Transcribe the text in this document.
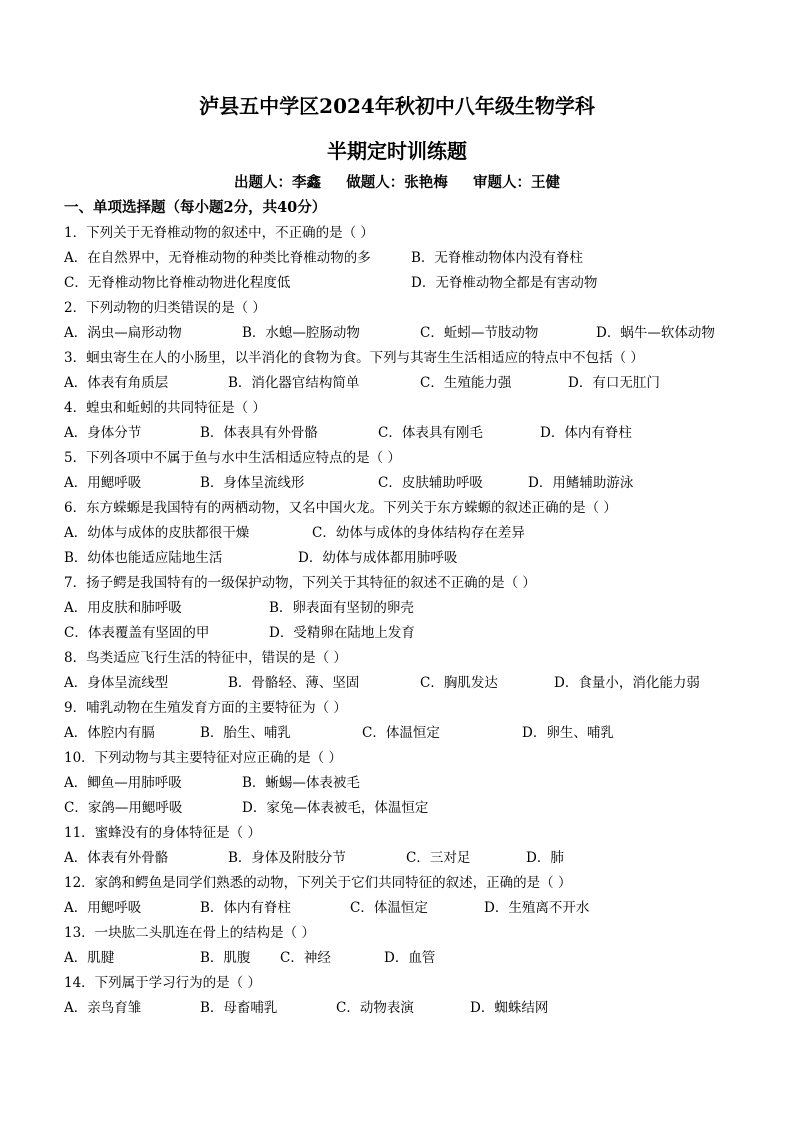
泸县五中学区2024年秋初中八年级生物学科
半期定时训练题
出题人：李鑫     做题人：张艳梅     审题人：王健
一、单项选择题（每小题2分，共40分）
1．下列关于无脊椎动物的叙述中，不正确的是（ ）
A．在自然界中，无脊椎动物的种类比脊椎动物的多	B．无脊椎动物体内没有脊柱
C．无脊椎动物比脊椎动物进化程度低	D．无脊椎动物全都是有害动物
2．下列动物的归类错误的是（ ）
A．涡虫—扁形动物	B．水螅—腔肠动物	C．蚯蚓—节肢动物	D．蜗牛—软体动物
3．蛔虫寄生在人的小肠里，以半消化的食物为食。下列与其寄生生活相适应的特点中不包括（ ）
A．体表有角质层	B．消化器官结构简单	C．生殖能力强	D．有口无肛门
4．蝗虫和蚯蚓的共同特征是（ ）
A．身体分节	B．体表具有外骨骼	C．体表具有刚毛	D．体内有脊柱
5．下列各项中不属于鱼与水中生活相适应特点的是（ ）
A．用鳃呼吸	B．身体呈流线形	C．皮肤辅助呼吸	D．用鳍辅助游泳
6．东方蝾螈是我国特有的两栖动物，又名中国火龙。下列关于东方蝾螈的叙述正确的是（ ）
A．幼体与成体的皮肤都很干燥	C．幼体与成体的身体结构存在差异
B．幼体也能适应陆地生活	D．幼体与成体都用肺呼吸
7．扬子鳄是我国特有的一级保护动物，下列关于其特征的叙述不正确的是（ ）
A．用皮肤和肺呼吸	B．卵表面有坚韧的卵壳
C．体表覆盖有坚固的甲	D．受精卵在陆地上发育
8．鸟类适应飞行生活的特征中，错误的是（ ）
A．身体呈流线型	B．骨骼轻、薄、坚固	C．胸肌发达	D．食量小，消化能力弱
9．哺乳动物在生殖发育方面的主要特征为（ ）
A．体腔内有膈	B．胎生、哺乳	C．体温恒定	D．卵生、哺乳
10．下列动物与其主要特征对应正确的是（ ）
A．鲫鱼—用肺呼吸	B．蜥蜴—体表被毛
C．家鸽—用鳃呼吸	D．家兔—体表被毛，体温恒定
11．蜜蜂没有的身体特征是（ ）
A．体表有外骨骼	B．身体及附肢分节	C．三对足	D．肺
12．家鸽和鳄鱼是同学们熟悉的动物，下列关于它们共同特征的叙述，正确的是（ ）
A．用鳃呼吸	B．体内有脊柱	C．体温恒定	D．生殖离不开水
13．一块肱二头肌连在骨上的结构是（ ）
A．肌腱	B．肌腹 C．神经	D．血管
14．下列属于学习行为的是（ ）
A．亲鸟育雏	B．母畜哺乳	C．动物表演	D．蜘蛛结网
